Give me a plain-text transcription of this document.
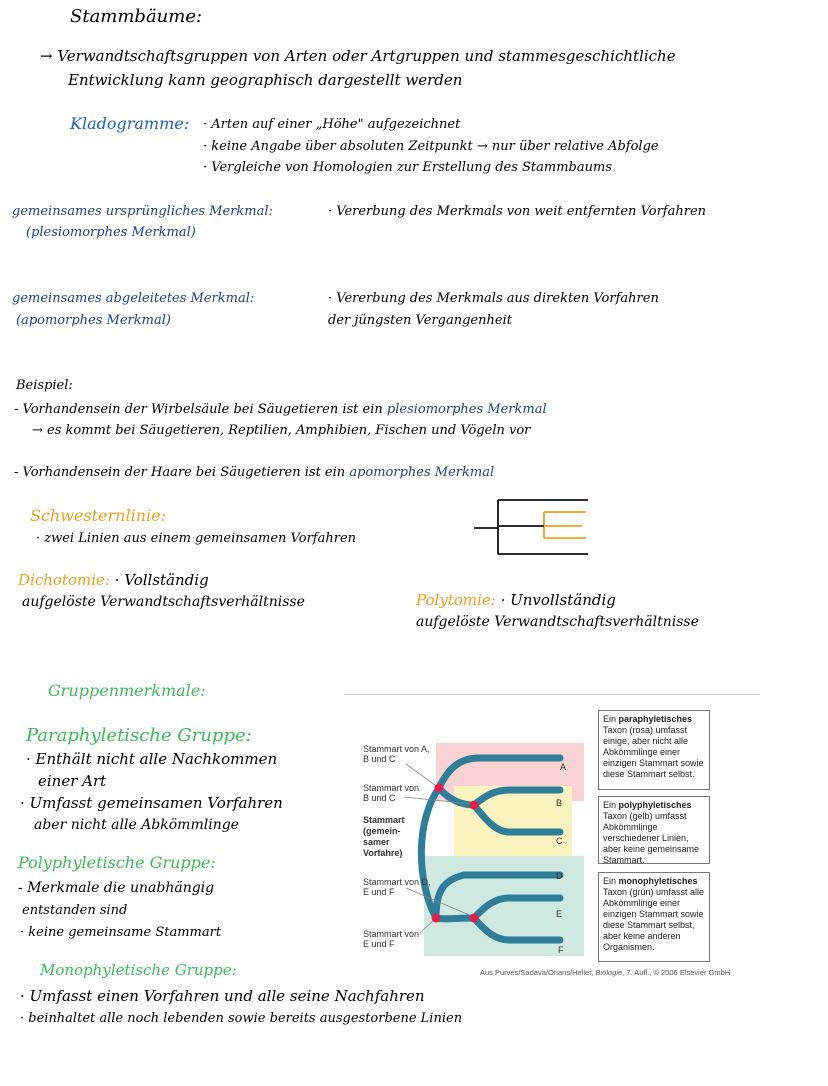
Stammbäume:
→ Verwandtschaftsgruppen von Arten oder Artgruppen und stammesgeschichtliche
Entwicklung kann geographisch dargestellt werden
Kladogramme: · Arten auf einer „Höhe" aufgezeichnet
· keine Angabe über absoluten Zeitpunkt → nur über relative Abfolge
· Vergleiche von Homologien zur Erstellung des Stammbaums
gemeinsames ursprüngliches Merkmal:
(plesiomorphes Merkmal)
· Vererbung des Merkmals von weit entfernten Vorfahren
gemeinsames abgeleitetes Merkmal:
(apomorphes Merkmal)
· Vererbung des Merkmals aus direkten Vorfahren
der jüngsten Vergangenheit
Beispiel:
- Vorhandensein der Wirbelsäule bei Säugetieren ist ein plesiomorphes Merkmal
→ es kommt bei Säugetieren, Reptilien, Amphibien, Fischen und Vögeln vor
- Vorhandensein der Haare bei Säugetieren ist ein apomorphes Merkmal
Schwesternlinie:
· zwei Linien aus einem gemeinsamen Vorfahren
Dichotomie: · Vollständig
aufgelöste Verwandtschaftsverhältnisse	Polytomie: · Unvollständig
aufgelöste Verwandtschaftsverhältnisse
Gruppenmerkmale:
Paraphyletische Gruppe:
· Enthält nicht alle Nachkommen
einer Art
· Umfasst gemeinsamen Vorfahren
aber nicht alle Abkömmlinge
Polyphyletische Gruppe:
- Merkmale die unabhängig
entstanden sind
· keine gemeinsame Stammart
Monophyletische Gruppe:
· Umfasst einen Vorfahren und alle seine Nachfahren
· beinhaltet alle noch lebenden sowie bereits ausgestorbene Linien
A
B
C
D
E
F
Stammart von A, B und C
Stammart von B und C
Stammart
(gemein-
samer
Vorfahre)
Stammart von D, E und F
Stammart von E und F
Ein paraphyletisches Taxon (rosa) umfasst einige, aber nicht alle Abkömmlinge einer einzigen Stammart sowie diese Stammart selbst.
Ein polyphyletisches Taxon (gelb) umfasst Abkömmlinge verschiedener Linien, aber keine gemeinsame Stammart.
Ein monophyletisches Taxon (grün) umfasst alle Abkömmlinge einer einzigen Stammart sowie diese Stammart selbst, aber keine anderen Organismen.
Aus Purves/Sadava/Orians/Heller, Biologie, 7. Aufl., © 2006 Elsevier GmbH
